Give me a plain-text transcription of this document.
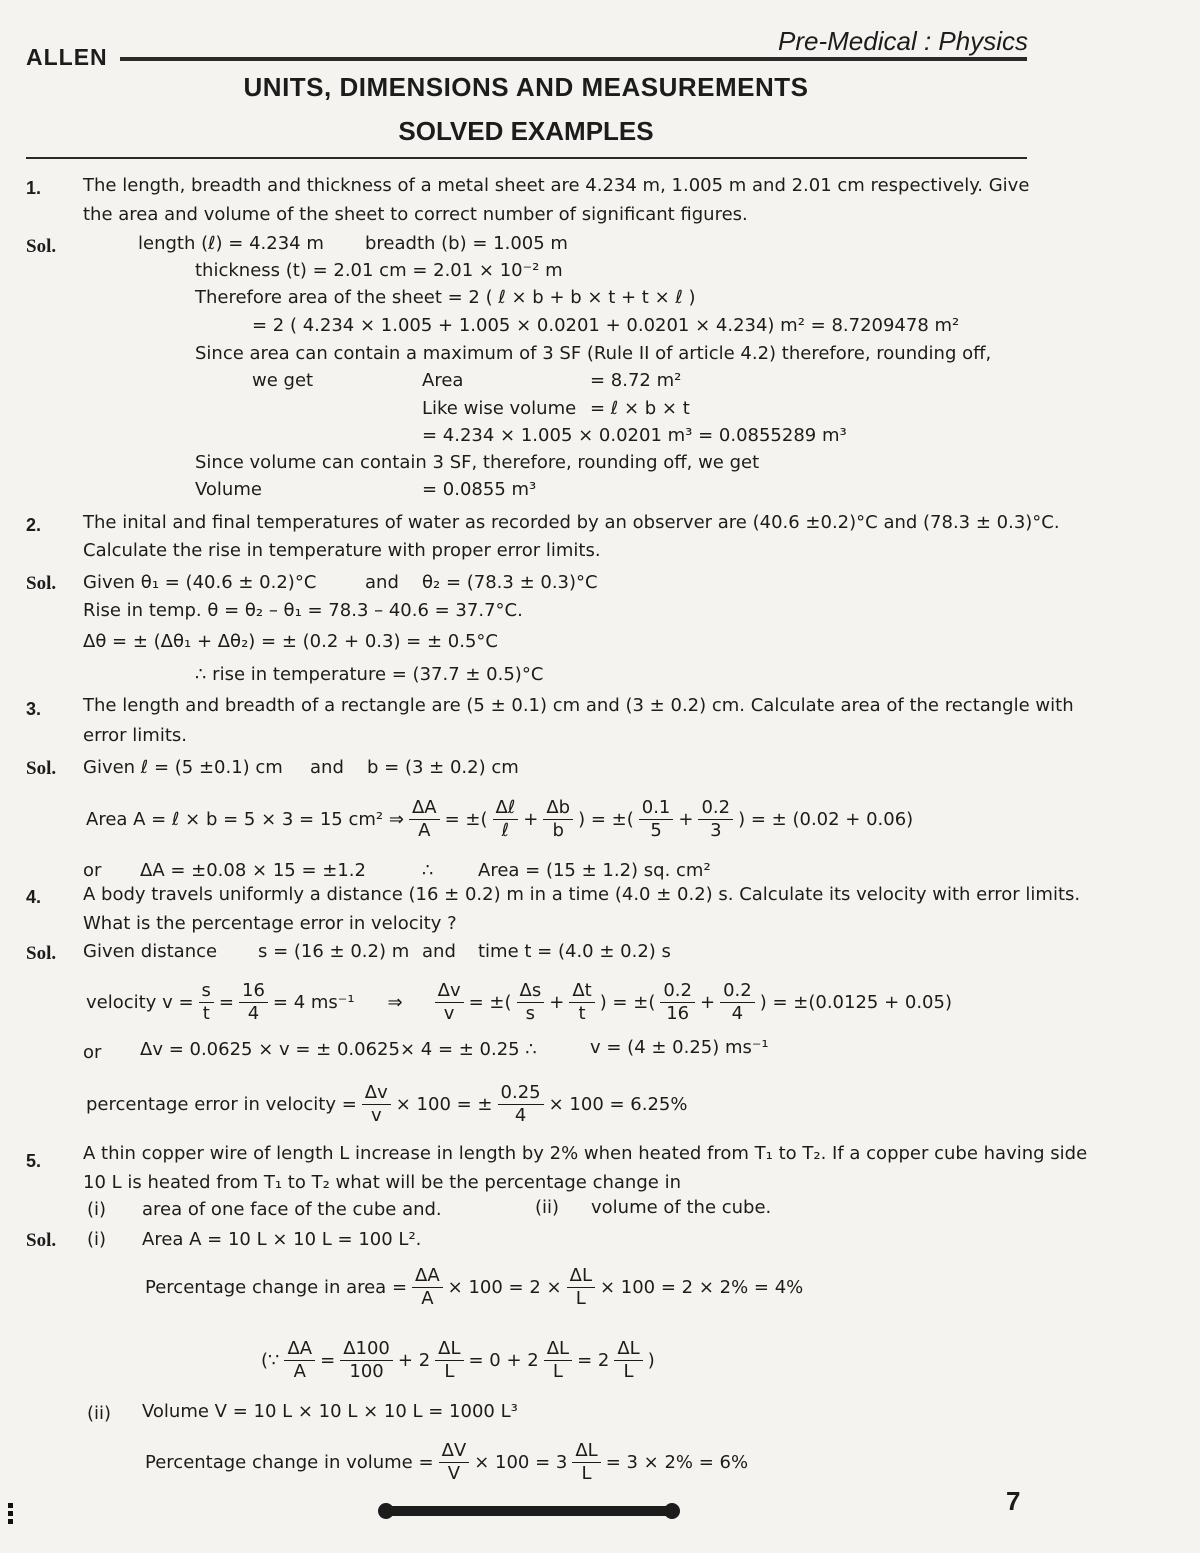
ALLEN
Pre-Medical : Physics
UNITS, DIMENSIONS AND MEASUREMENTS
SOLVED EXAMPLES
1. The length, breadth and thickness of a metal sheet are 4.234 m, 1.005 m and 2.01 cm respectively. Give
the area and volume of the sheet to correct number of significant figures.
Sol.	length (ℓ) = 4.234 m breadth (b) = 1.005 m
thickness (t) = 2.01 cm = 2.01 × 10⁻² m
Therefore area of the sheet = 2 ( ℓ × b + b × t + t × ℓ )
= 2 ( 4.234 × 1.005 + 1.005 × 0.0201 + 0.0201 × 4.234) m² = 8.7209478 m²
Since area can contain a maximum of 3 SF (Rule II of article 4.2) therefore, rounding off,
we get	Area	= 8.72 m²
Like wise volume = ℓ × b × t
= 4.234 × 1.005 × 0.0201 m³ = 0.0855289 m³
Since volume can contain 3 SF, therefore, rounding off, we get
Volume	= 0.0855 m³
2. The inital and final temperatures of water as recorded by an observer are (40.6 ±0.2)°C and (78.3 ± 0.3)°C.
Calculate the rise in temperature with proper error limits.
Sol. Given θ₁ = (40.6 ± 0.2)°C	and θ₂ = (78.3 ± 0.3)°C
Rise in temp. θ = θ₂ – θ₁ = 78.3 – 40.6 = 37.7°C.
Δθ = ± (Δθ₁ + Δθ₂) = ± (0.2 + 0.3) = ± 0.5°C
∴ rise in temperature = (37.7 ± 0.5)°C
3. The length and breadth of a rectangle are (5 ± 0.1) cm and (3 ± 0.2) cm. Calculate area of the rectangle with
error limits.
Sol. Given ℓ = (5 ±0.1) cm and b = (3 ± 0.2) cm
Area A = ℓ × b = 5 × 3 = 15 cm² ⇒ $\frac{\Delta A}{A}$ = ±( $\frac{\text{Δℓ}}{\text{ℓ}} + \frac{\Delta b}{b}$ ) = ±( $\frac{0.1}{5} + \frac{0.2}{3}$ ) = ± (0.02 + 0.06)
or ΔA = ±0.08 × 15 = ±1.2	∴ Area = (15 ± 1.2) sq. cm²
4. A body travels uniformly a distance (16 ± 0.2) m in a time (4.0 ± 0.2) s. Calculate its velocity with error limits.
What is the percentage error in velocity ?
Sol. Given distance s = (16 ± 0.2) m and time t = (4.0 ± 0.2) s
velocity $v = \frac{s}{t} = \frac{16}{4} = 4$ ms⁻¹ ⇒ $\frac{\Delta v}{v}$ = ±( $\frac{\Delta s}{s} + \frac{\Delta t}{t}$ ) = ±( $\frac{0.2}{16} + \frac{0.2}{4}$ ) = ±(0.0125 + 0.05)
or Δv = 0.0625 × v = ± 0.0625× 4 = ± 0.25 ∴	v = (4 ± 0.25) ms⁻¹
percentage error in velocity = $\frac{\Delta v}{v} \times 100$ = ± $\frac{0.25}{4} \times 100 = 6.25\%$
5. A thin copper wire of length L increase in length by 2% when heated from T₁ to T₂. If a copper cube having side
10 L is heated from T₁ to T₂ what will be the percentage change in
(i) area of one face of the cube and.	(ii) volume of the cube.
Sol. (i) Area A = 10 L × 10 L = 100 L².
Percentage change in area = $\frac{\Delta A}{A} \times 100 = 2 \times \frac{\Delta L}{L} \times 100 = 2 \times 2\% = 4\%$
(∵ $\frac{\Delta A}{A} = \frac{\Delta 100}{100} + 2 \frac{\Delta L}{L} = 0 + 2 \frac{\Delta L}{L} = 2 \frac{\Delta L}{L}$ )
(ii) Volume V = 10 L × 10 L × 10 L = 1000 L³
Percentage change in volume = $\frac{\Delta V}{V} \times 100 = 3 \frac{\Delta L}{L} = 3 \times 2\% = 6\%$
7
